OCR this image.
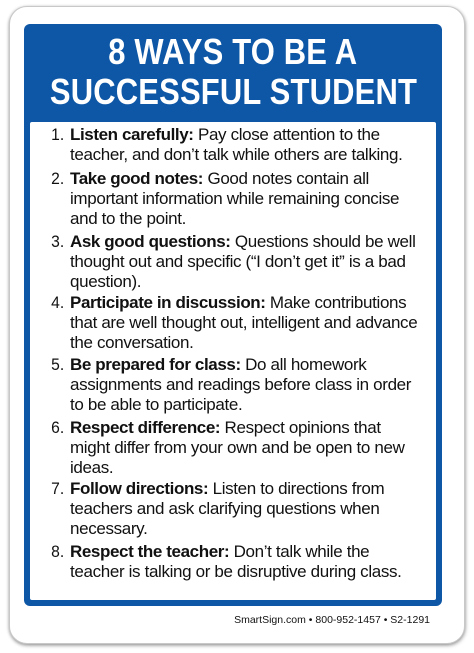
8 WAYS TO BE A
SUCCESSFUL STUDENT
1. Listen carefully: Pay close attention to the teacher, and don’t talk while others are talking.
2. Take good notes: Good notes contain all important information while remaining concise and to the point.
3. Ask good questions: Questions should be well thought out and specific (“I don’t get it” is a bad question).
4. Participate in discussion: Make contributions that are well thought out, intelligent and advance the conversation.
5. Be prepared for class: Do all homework assignments and readings before class in order to be able to participate.
6. Respect difference: Respect opinions that might differ from your own and be open to new ideas.
7. Follow directions: Listen to directions from teachers and ask clarifying questions when necessary.
8. Respect the teacher: Don’t talk while the teacher is talking or be disruptive during class.
SmartSign.com • 800-952-1457 • S2-1291
